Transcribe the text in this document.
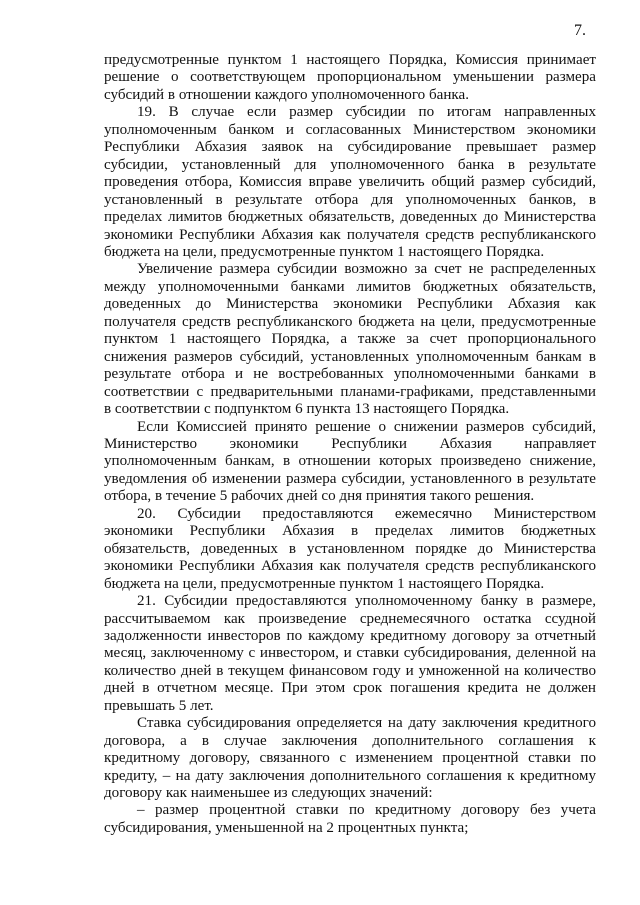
7.
предусмотренные пунктом 1 настоящего Порядка, Комиссия принимает
решение о соответствующем пропорциональном уменьшении размера
субсидий в отношении каждого уполномоченного банка.
19. В случае если размер субсидии по итогам направленных
уполномоченным банком и согласованных Министерством экономики
Республики Абхазия заявок на субсидирование превышает размер
субсидии, установленный для уполномоченного банка в результате
проведения отбора, Комиссия вправе увеличить общий размер субсидий,
установленный в результате отбора для уполномоченных банков, в
пределах лимитов бюджетных обязательств, доведенных до Министерства
экономики Республики Абхазия как получателя средств республиканского
бюджета на цели, предусмотренные пунктом 1 настоящего Порядка.
Увеличение размера субсидии возможно за счет не распределенных
между уполномоченными банками лимитов бюджетных обязательств,
доведенных до Министерства экономики Республики Абхазия как
получателя средств республиканского бюджета на цели, предусмотренные
пунктом 1 настоящего Порядка, а также за счет пропорционального
снижения размеров субсидий, установленных уполномоченным банкам в
результате отбора и не востребованных уполномоченными банками в
соответствии с предварительными планами-графиками, представленными
в соответствии с подпунктом 6 пункта 13 настоящего Порядка.
Если Комиссией принято решение о снижении размеров субсидий,
Министерство экономики Республики Абхазия направляет
уполномоченным банкам, в отношении которых произведено снижение,
уведомления об изменении размера субсидии, установленного в результате
отбора, в течение 5 рабочих дней со дня принятия такого решения.
20. Субсидии предоставляются ежемесячно Министерством
экономики Республики Абхазия в пределах лимитов бюджетных
обязательств, доведенных в установленном порядке до Министерства
экономики Республики Абхазия как получателя средств республиканского
бюджета на цели, предусмотренные пунктом 1 настоящего Порядка.
21. Субсидии предоставляются уполномоченному банку в размере,
рассчитываемом как произведение среднемесячного остатка ссудной
задолженности инвесторов по каждому кредитному договору за отчетный
месяц, заключенному с инвестором, и ставки субсидирования, деленной на
количество дней в текущем финансовом году и умноженной на количество
дней в отчетном месяце. При этом срок погашения кредита не должен
превышать 5 лет.
Ставка субсидирования определяется на дату заключения кредитного
договора, а в случае заключения дополнительного соглашения к
кредитному договору, связанного с изменением процентной ставки по
кредиту, – на дату заключения дополнительного соглашения к кредитному
договору как наименьшее из следующих значений:
– размер процентной ставки по кредитному договору без учета
субсидирования, уменьшенной на 2 процентных пункта;
